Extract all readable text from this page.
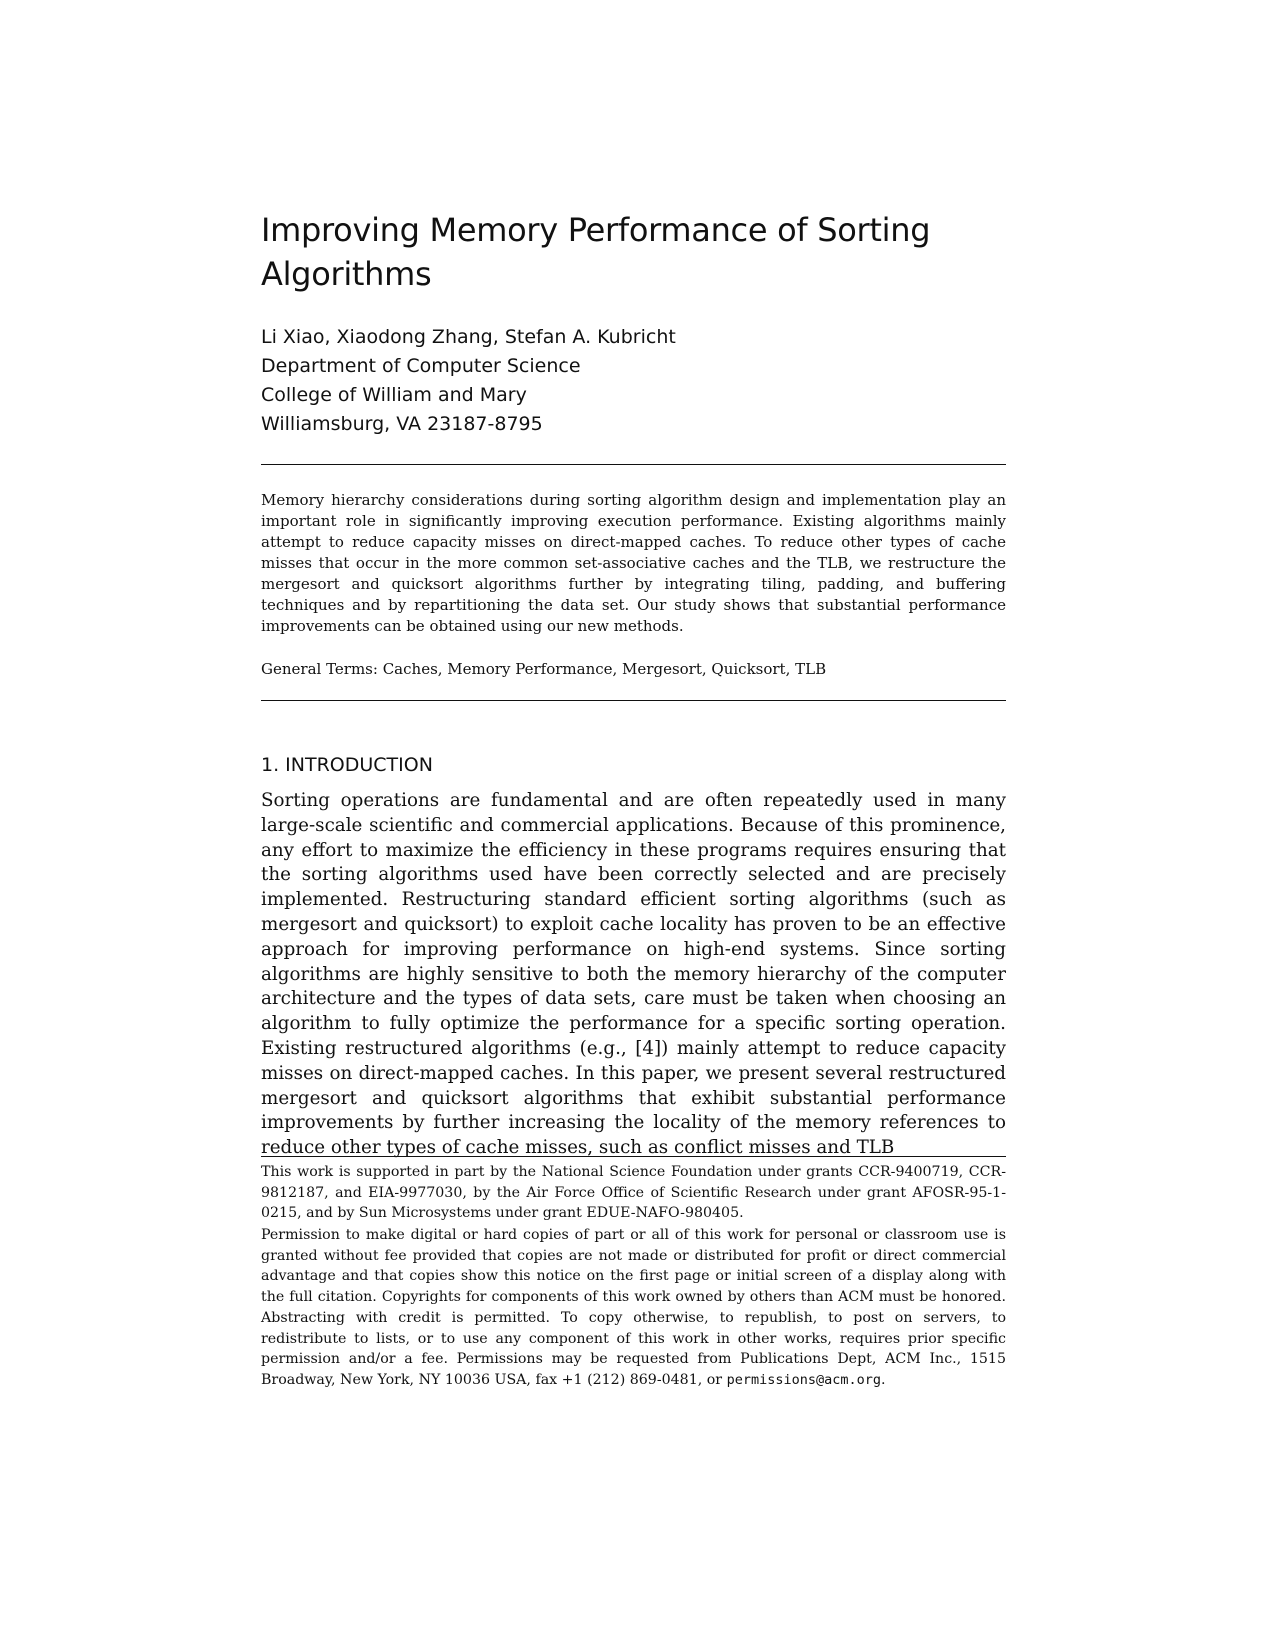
Improving Memory Performance of Sorting Algorithms
Li Xiao, Xiaodong Zhang, Stefan A. Kubricht
Department of Computer Science
College of William and Mary
Williamsburg, VA 23187-8795

Memory hierarchy considerations during sorting algorithm design and implementation play an important role in significantly improving execution performance. Existing algorithms mainly attempt to reduce capacity misses on direct-mapped caches. To reduce other types of cache misses that occur in the more common set-associative caches and the TLB, we restructure the mergesort and quicksort algorithms further by integrating tiling, padding, and buffering techniques and by repartitioning the data set. Our study shows that substantial performance improvements can be obtained using our new methods.

General Terms: Caches, Memory Performance, Mergesort, Quicksort, TLB

1. INTRODUCTION

Sorting operations are fundamental and are often repeatedly used in many large-scale scientific and commercial applications. Because of this prominence, any effort to maximize the efficiency in these programs requires ensuring that the sorting algorithms used have been correctly selected and are precisely implemented. Restructuring standard efficient sorting algorithms (such as mergesort and quicksort) to exploit cache locality has proven to be an effective approach for improving performance on high-end systems. Since sorting algorithms are highly sensitive to both the memory hierarchy of the computer architecture and the types of data sets, care must be taken when choosing an algorithm to fully optimize the performance for a specific sorting operation. Existing restructured algorithms (e.g., [4]) mainly attempt to reduce capacity misses on direct-mapped caches. In this paper, we present several restructured mergesort and quicksort algorithms that exhibit substantial performance improvements by further increasing the locality of the memory references to reduce other types of cache misses, such as conflict misses and TLB

This work is supported in part by the National Science Foundation under grants CCR-9400719, CCR-9812187, and EIA-9977030, by the Air Force Office of Scientific Research under grant AFOSR-95-1-0215, and by Sun Microsystems under grant EDUE-NAFO-980405.

Permission to make digital or hard copies of part or all of this work for personal or classroom use is granted without fee provided that copies are not made or distributed for profit or direct commercial advantage and that copies show this notice on the first page or initial screen of a display along with the full citation. Copyrights for components of this work owned by others than ACM must be honored. Abstracting with credit is permitted. To copy otherwise, to republish, to post on servers, to redistribute to lists, or to use any component of this work in other works, requires prior specific permission and/or a fee. Permissions may be requested from Publications Dept, ACM Inc., 1515 Broadway, New York, NY 10036 USA, fax +1 (212) 869-0481, or permissions@acm.org.
